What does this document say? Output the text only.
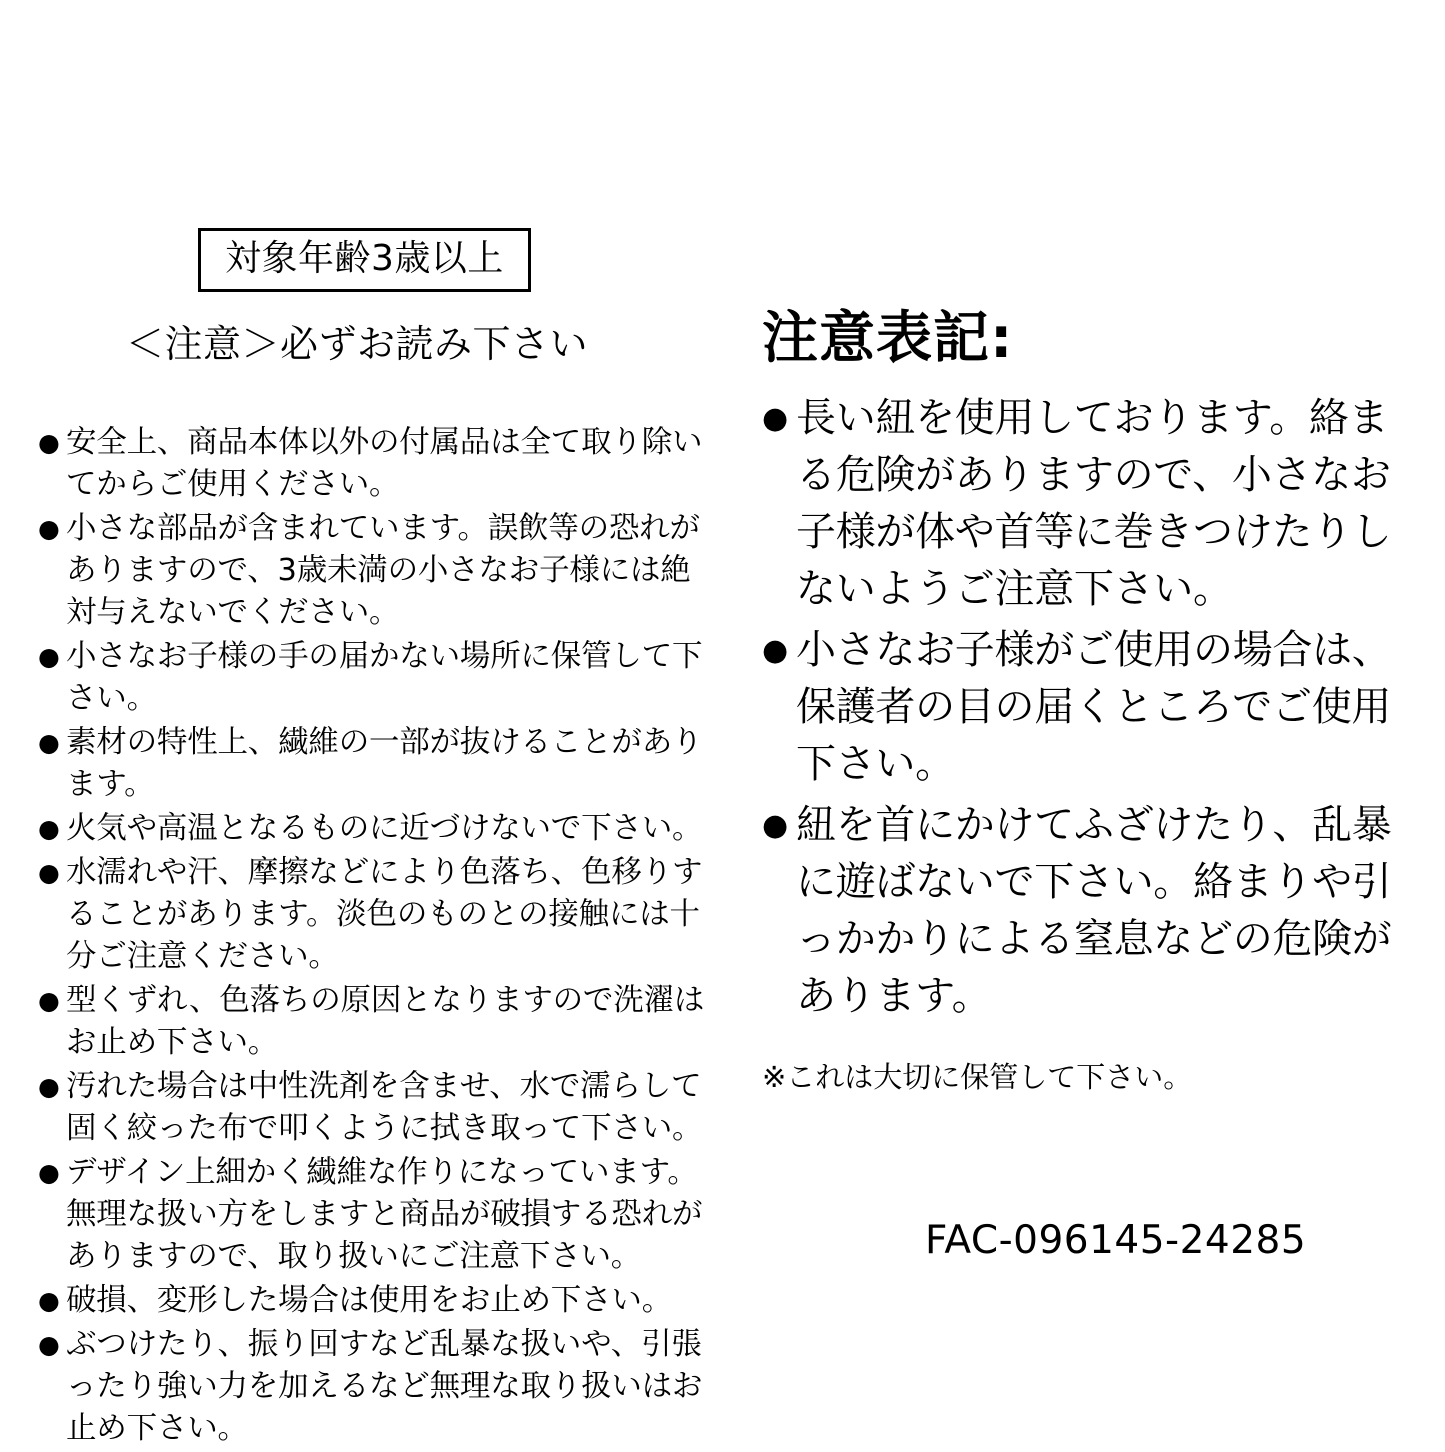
対象年齢3歳以上
＜注意＞必ずお読み下さい
● 安全上、商品本体以外の付属品は全て取り除いてからご使用ください。
● 小さな部品が含まれています。誤飲等の恐れがありますので、3歳未満の小さなお子様には絶対与えないでください。
● 小さなお子様の手の届かない場所に保管して下さい。
● 素材の特性上、繊維の一部が抜けることがあります。
● 火気や高温となるものに近づけないで下さい。
● 水濡れや汗、摩擦などにより色落ち、色移りすることがあります。淡色のものとの接触には十分ご注意ください。
● 型くずれ、色落ちの原因となりますので洗濯はお止め下さい。
● 汚れた場合は中性洗剤を含ませ、水で濡らして固く絞った布で叩くように拭き取って下さい。
● デザイン上細かく繊維な作りになっています。無理な扱い方をしますと商品が破損する恐れがありますので、取り扱いにご注意下さい。
● 破損、変形した場合は使用をお止め下さい。
● ぶつけたり、振り回すなど乱暴な扱いや、引張ったり強い力を加えるなど無理な取り扱いはお止め下さい。
注意表記:
● 長い紐を使用しております。絡まる危険がありますので、小さなお子様が体や首等に巻きつけたりしないようご注意下さい。
● 小さなお子様がご使用の場合は、保護者の目の届くところでご使用下さい。
● 紐を首にかけてふざけたり、乱暴に遊ばないで下さい。絡まりや引っかかりによる窒息などの危険があります。
※これは大切に保管して下さい。
FAC-096145-24285
